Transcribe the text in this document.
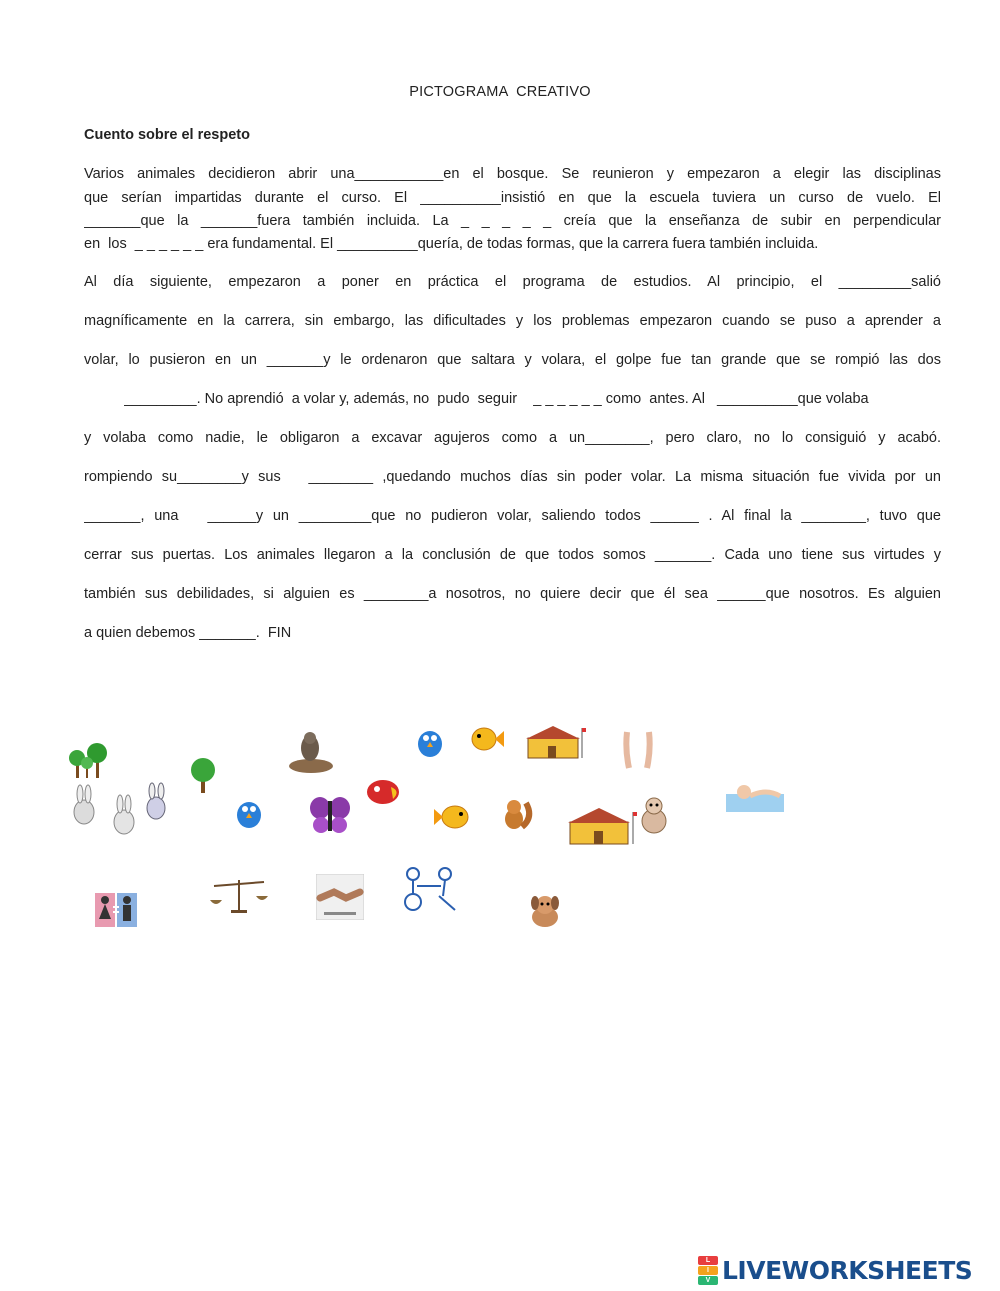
PICTOGRAMA  CREATIVO
Cuento sobre el respeto
Varios animales decidieron abrir una___________en el bosque. Se reunieron y empezaron a elegir las disciplinas
que serían impartidas durante el curso. El __________insistió en que la escuela tuviera un curso de vuelo. El
_______que la _______fuera también incluida. La _ _ _ _ _ creía que la enseñanza de subir en perpendicular
en  los  _ _ _ _ _ _ era fundamental. El __________quería, de todas formas, que la carrera fuera también incluida.
Al día siguiente, empezaron a poner en práctica el programa de estudios. Al principio, el _________salió
magníficamente en la carrera, sin embargo, las dificultades y los problemas empezaron cuando se puso a aprender a
volar, lo pusieron en un _______y le ordenaron que saltara y volara, el golpe fue tan grande que se rompió las dos
_________. No aprendió  a volar y, además, no  pudo  seguir    _ _ _ _ _ _ como  antes. Al   __________que volaba
y volaba como nadie, le obligaron a excavar agujeros como a un________, pero claro, no lo consiguió y acabó.
rompiendo su________y sus   ________ ,quedando muchos días sin poder volar. La misma situación fue vivida por un
_______, una   ______y un _________que no pudieron volar, saliendo todos ______ . Al final la ________, tuvo que
cerrar sus puertas. Los animales llegaron a la conclusión de que todos somos _______. Cada uno tiene sus virtudes y
también sus debilidades, si alguien es ________a nosotros, no quiere decir que él sea ______que nosotros. Es alguien
a quien debemos _______.  FIN
L
I
V LIVEWORKSHEETS
